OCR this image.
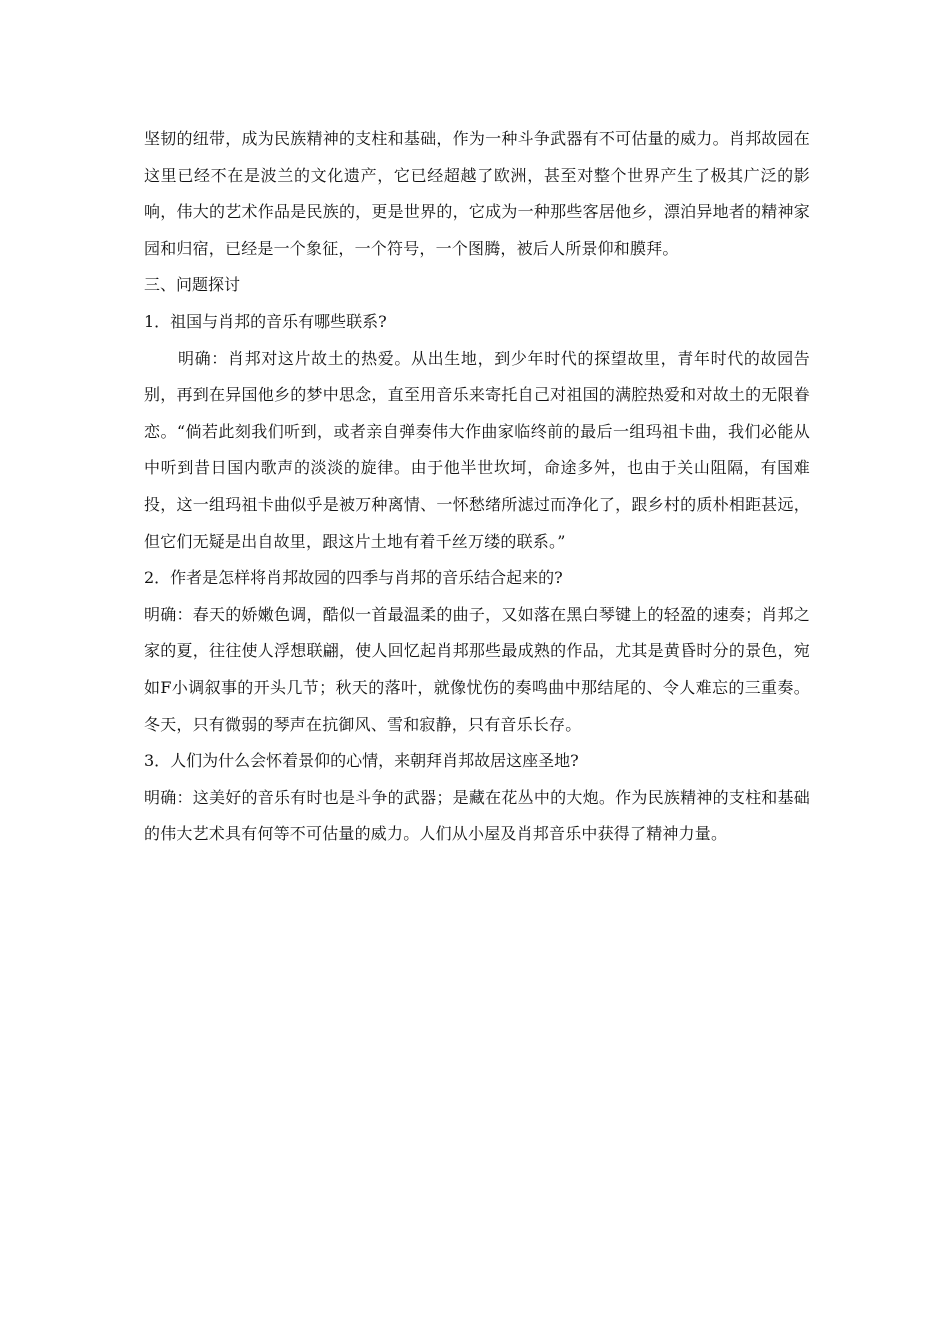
坚韧的纽带，成为民族精神的支柱和基础，作为一种斗争武器有不可估量的威力。肖邦故园在这里已经不在是波兰的文化遗产，它已经超越了欧洲，甚至对整个世界产生了极其广泛的影响，伟大的艺术作品是民族的，更是世界的，它成为一种那些客居他乡，漂泊异地者的精神家园和归宿，已经是一个象征，一个符号，一个图腾，被后人所景仰和膜拜。

三、问题探讨

1．祖国与肖邦的音乐有哪些联系?

明确：肖邦对这片故土的热爱。从出生地，到少年时代的探望故里，青年时代的故园告别，再到在异国他乡的梦中思念，直至用音乐来寄托自己对祖国的满腔热爱和对故土的无限眷恋。“倘若此刻我们听到，或者亲自弹奏伟大作曲家临终前的最后一组玛祖卡曲，我们必能从中听到昔日国内歌声的淡淡的旋律。由于他半世坎坷，命途多舛，也由于关山阻隔，有国难投，这一组玛祖卡曲似乎是被万种离情、一怀愁绪所滤过而净化了，跟乡村的质朴相距甚远，但它们无疑是出自故里，跟这片土地有着千丝万缕的联系。”

2．作者是怎样将肖邦故园的四季与肖邦的音乐结合起来的?

明确：春天的娇嫩色调，酷似一首最温柔的曲子，又如落在黑白琴键上的轻盈的速奏；肖邦之家的夏，往往使人浮想联翩，使人回忆起肖邦那些最成熟的作品，尤其是黄昏时分的景色，宛如F小调叙事的开头几节；秋天的落叶，就像忧伤的奏鸣曲中那结尾的、令人难忘的三重奏。冬天，只有微弱的琴声在抗御风、雪和寂静，只有音乐长存。

3．人们为什么会怀着景仰的心情，来朝拜肖邦故居这座圣地?

明确：这美好的音乐有时也是斗争的武器；是藏在花丛中的大炮。作为民族精神的支柱和基础的伟大艺术具有何等不可估量的威力。人们从小屋及肖邦音乐中获得了精神力量。
